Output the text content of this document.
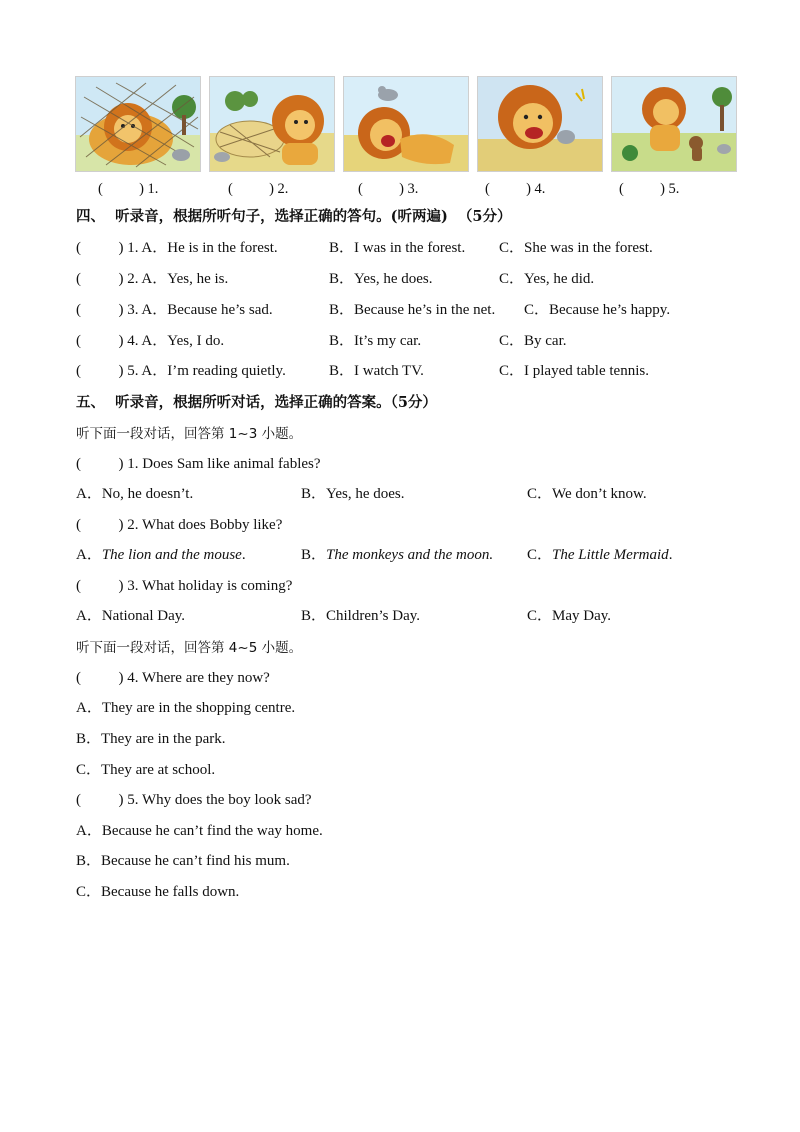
(          ) 1.	(          ) 2.	(          ) 3.	(          ) 4.	(          ) 5.
四、  听录音，根据所听句子，选择正确的答句。(听两遍)  （5分）

(          ) 1. A．He is in the forest.

	B．I was in the forest.

C．She was in the forest.

(          ) 2. A．Yes, he is.

	B．Yes, he does.

	C．Yes, he did.

(          ) 3. A．Because he’s sad.

	B．Because he’s in the net.

C．Because he’s happy.

(          ) 4. A．Yes, I do.

	B．It’s my car.

	C．By car.

(          ) 5. A．I’m reading quietly.

	B．I watch TV.

	C．I played table tennis.

五、  听录音，根据所听对话，选择正确的答案。（5分）
听下面一段对话，回答第 1~3 小题。
(          ) 1. Does Sam like animal fables?

A．No, he doesn’t.

	B．Yes, he does.

	C．We don’t know.

(          ) 2. What does Bobby like?

A．The lion and the mouse.

	B．The monkeys and the moon.

C．The Little Mermaid.

(          ) 3. What holiday is coming?

A．National Day.

	B．Children’s Day.

	C．May Day.

听下面一段对话，回答第 4~5 小题。
(          ) 4. Where are they now?
A．They are in the shopping centre.
B．They are in the park.
C．They are at school.
(          ) 5. Why does the boy look sad?
A．Because he can’t find the way home.
B．Because he can’t find his mum.
C．Because he falls down.
